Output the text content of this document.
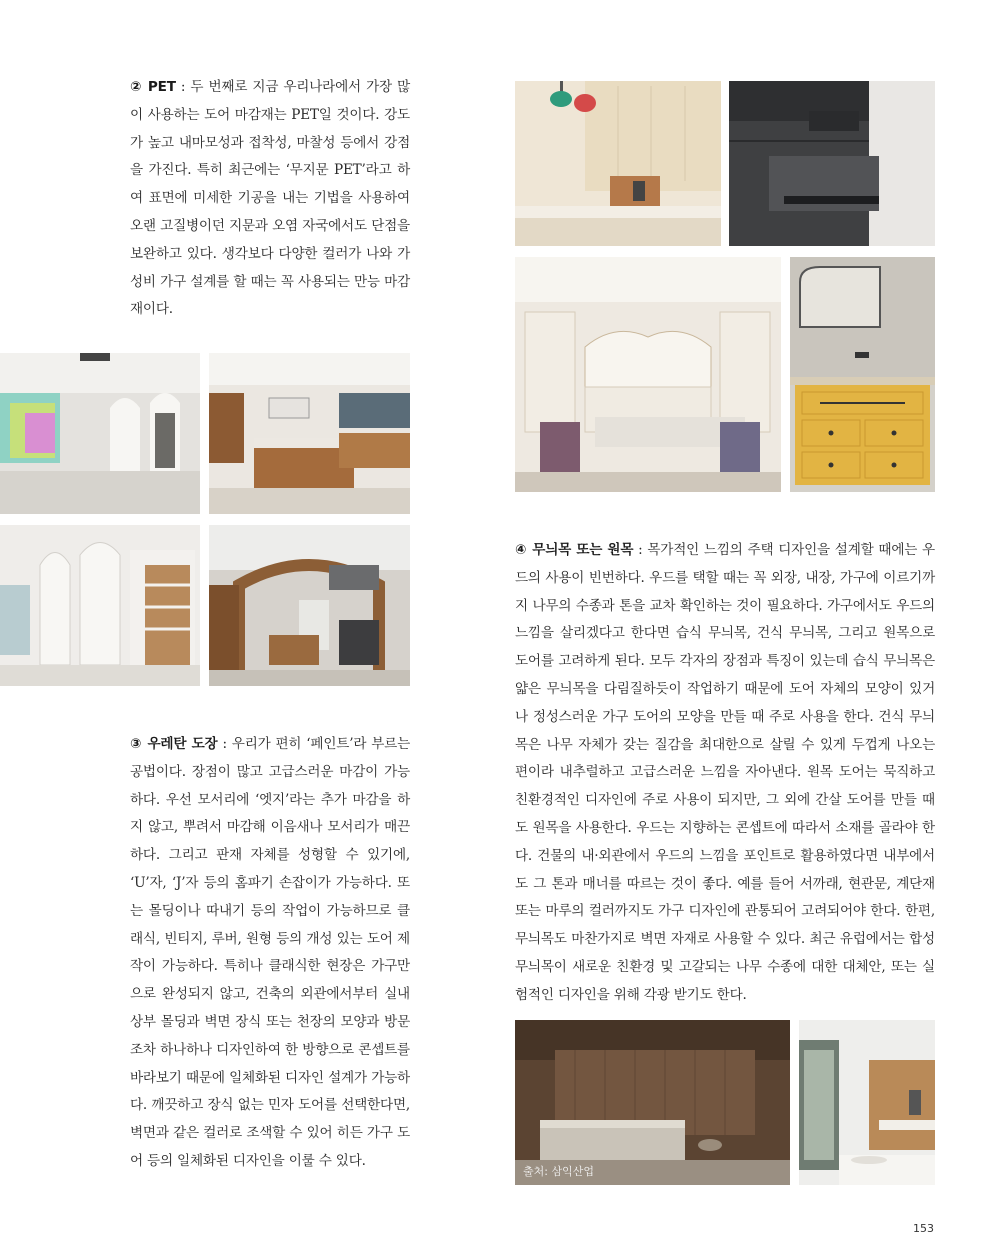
② PET : 두 번째로 지금 우리나라에서 가장 많이 사용하는 도어 마감재는 PET일 것이다. 강도가 높고 내마모성과 접착성, 마찰성 등에서 강점을 가진다. 특히 최근에는 ‘무지문 PET’라고 하여 표면에 미세한 기공을 내는 기법을 사용하여 오랜 고질병이던 지문과 오염 자국에서도 단점을 보완하고 있다. 생각보다 다양한 컬러가 나와 가성비 가구 설계를 할 때는 꼭 사용되는 만능 마감재이다.

③ 우레탄 도장 : 우리가 편히 ‘페인트’라 부르는 공법이다. 장점이 많고 고급스러운 마감이 가능하다. 우선 모서리에 ‘엣지’라는 추가 마감을 하지 않고, 뿌려서 마감해 이음새나 모서리가 매끈하다. 그리고 판재 자체를 성형할 수 있기에, ‘U’자, ‘J’자 등의 홈파기 손잡이가 가능하다. 또는 몰딩이나 따내기 등의 작업이 가능하므로 클래식, 빈티지, 루버, 원형 등의 개성 있는 도어 제작이 가능하다. 특히나 클래식한 현장은 가구만으로 완성되지 않고, 건축의 외관에서부터 실내 상부 몰딩과 벽면 장식 또는 천장의 모양과 방문조차 하나하나 디자인하여 한 방향으로 콘셉트를 바라보기 때문에 일체화된 디자인 설계가 가능하다. 깨끗하고 장식 없는 민자 도어를 선택한다면, 벽면과 같은 컬러로 조색할 수 있어 히든 가구 도어 등의 일체화된 디자인을 이룰 수 있다.

④ 무늬목 또는 원목 : 목가적인 느낌의 주택 디자인을 설계할 때에는 우드의 사용이 빈번하다. 우드를 택할 때는 꼭 외장, 내장, 가구에 이르기까지 나무의 수종과 톤을 교차 확인하는 것이 필요하다. 가구에서도 우드의 느낌을 살리겠다고 한다면 습식 무늬목, 건식 무늬목, 그리고 원목으로 도어를 고려하게 된다. 모두 각자의 장점과 특징이 있는데 습식 무늬목은 얇은 무늬목을 다림질하듯이 작업하기 때문에 도어 자체의 모양이 있거나 정성스러운 가구 도어의 모양을 만들 때 주로 사용을 한다. 건식 무늬목은 나무 자체가 갖는 질감을 최대한으로 살릴 수 있게 두껍게 나오는 편이라 내추럴하고 고급스러운 느낌을 자아낸다. 원목 도어는 묵직하고 친환경적인 디자인에 주로 사용이 되지만, 그 외에 간살 도어를 만들 때도 원목을 사용한다. 우드는 지향하는 콘셉트에 따라서 소재를 골라야 한다. 건물의 내·외관에서 우드의 느낌을 포인트로 활용하였다면 내부에서도 그 톤과 매너를 따르는 것이 좋다. 예를 들어 서까래, 현관문, 계단재 또는 마루의 컬러까지도 가구 디자인에 관통되어 고려되어야 한다. 한편, 무늬목도 마찬가지로 벽면 자재로 사용할 수 있다. 최근 유럽에서는 합성 무늬목이 새로운 친환경 및 고갈되는 나무 수종에 대한 대체안, 또는 실험적인 디자인을 위해 각광 받기도 한다.

출처: 삼익산업
153
